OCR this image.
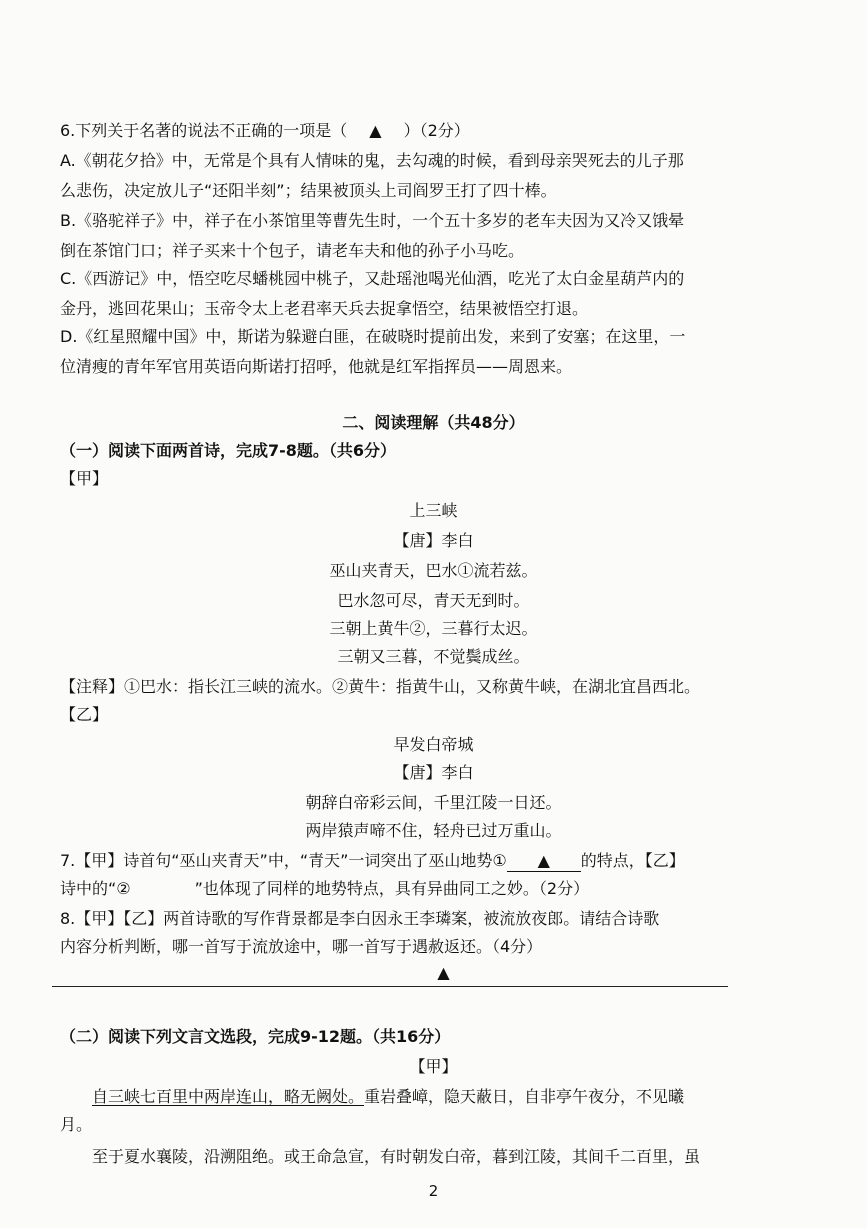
6.下列关于名著的说法不正确的一项是（ ▲ ）（2分）
A.《朝花夕拾》中，无常是个具有人情味的鬼，去勾魂的时候，看到母亲哭死去的儿子那
么悲伤，决定放儿子“还阳半刻”；结果被顶头上司阎罗王打了四十棒。
B.《骆驼祥子》中，祥子在小茶馆里等曹先生时，一个五十多岁的老车夫因为又冷又饿晕
倒在茶馆门口；祥子买来十个包子，请老车夫和他的孙子小马吃。
C.《西游记》中，悟空吃尽蟠桃园中桃子，又赴瑶池喝光仙酒，吃光了太白金星葫芦内的
金丹，逃回花果山；玉帝令太上老君率天兵去捉拿悟空，结果被悟空打退。
D.《红星照耀中国》中，斯诺为躲避白匪，在破晓时提前出发，来到了安塞；在这里，一
位清瘦的青年军官用英语向斯诺打招呼，他就是红军指挥员——周恩来。
二、阅读理解（共48分）
（一）阅读下面两首诗，完成7-8题。（共6分）
【甲】
上三峡
【唐】李白
巫山夹青天，巴水①流若兹。
巴水忽可尽，青天无到时。
三朝上黄牛②，三暮行太迟。
三朝又三暮，不觉鬓成丝。
【注释】①巴水：指长江三峡的流水。②黄牛：指黄牛山，又称黄牛峡，在湖北宜昌西北。
【乙】
早发白帝城
【唐】李白
朝辞白帝彩云间，千里江陵一日还。
两岸猿声啼不住，轻舟已过万重山。
7.【甲】诗首句“巫山夹青天”中，“青天”一词突出了巫山地势① ▲ 的特点，【乙】
诗中的“②	”也体现了同样的地势特点，具有异曲同工之妙。（2分）
8.【甲】【乙】两首诗歌的写作背景都是李白因永王李璘案，被流放夜郎。请结合诗歌
内容分析判断，哪一首写于流放途中，哪一首写于遇赦返还。（4分）
▲
（二）阅读下列文言文选段，完成9-12题。（共16分）
【甲】
自三峡七百里中两岸连山，略无阙处。重岩叠嶂，隐天蔽日，自非亭午夜分，不见曦
月。
至于夏水襄陵，沿溯阻绝。或王命急宣，有时朝发白帝，暮到江陵，其间千二百里，虽
2
